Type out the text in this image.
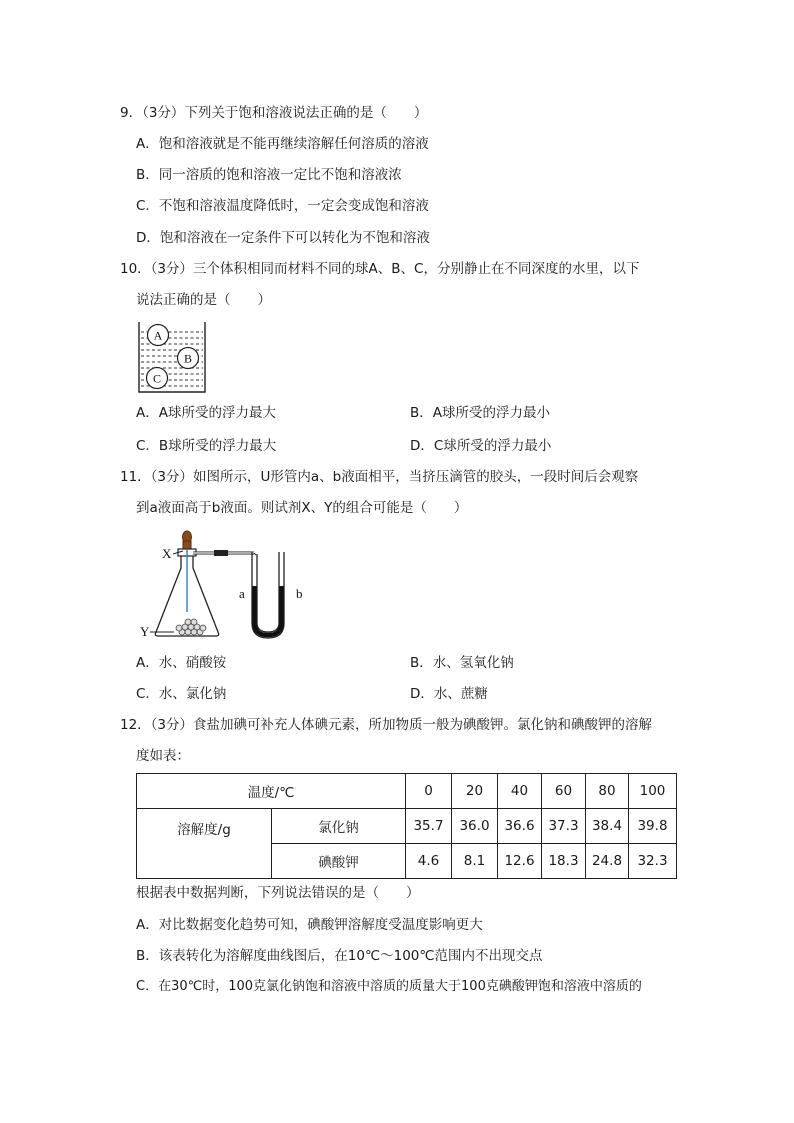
9．（3分）下列关于饱和溶液说法正确的是（　　）
A．饱和溶液就是不能再继续溶解任何溶质的溶液
B．同一溶质的饱和溶液一定比不饱和溶液浓
C．不饱和溶液温度降低时，一定会变成饱和溶液
D．饱和溶液在一定条件下可以转化为不饱和溶液
10．（3分）三个体积相同而材料不同的球A、B、C，分别静止在不同深度的水里，以下
说法正确的是（　　）
A
B
C
A．A球所受的浮力最大	B．A球所受的浮力最小
C．B球所受的浮力最大	D．C球所受的浮力最小
11．（3分）如图所示，U形管内a、b液面相平，当挤压滴管的胶头，一段时间后会观察
到a液面高于b液面。则试剂X、Y的组合可能是（　　）
X
Y
a	b
A．水、硝酸铵	B．水、氢氧化钠
C．水、氯化钠	D．水、蔗糖
12．（3分）食盐加碘可补充人体碘元素，所加物质一般为碘酸钾。氯化钠和碘酸钾的溶解
度如表：
温度/℃		0	20	40	60	80	100
溶解度/g	氯化钠	35.7	36.0	36.6	37.3	38.4	39.8
	碘酸钾	4.6	8.1	12.6	18.3	24.8	32.3
根据表中数据判断，下列说法错误的是（　　）
A．对比数据变化趋势可知，碘酸钾溶解度受温度影响更大
B．该表转化为溶解度曲线图后，在10℃～100℃范围内不出现交点
C．在30℃时，100克氯化钠饱和溶液中溶质的质量大于100克碘酸钾饱和溶液中溶质的
